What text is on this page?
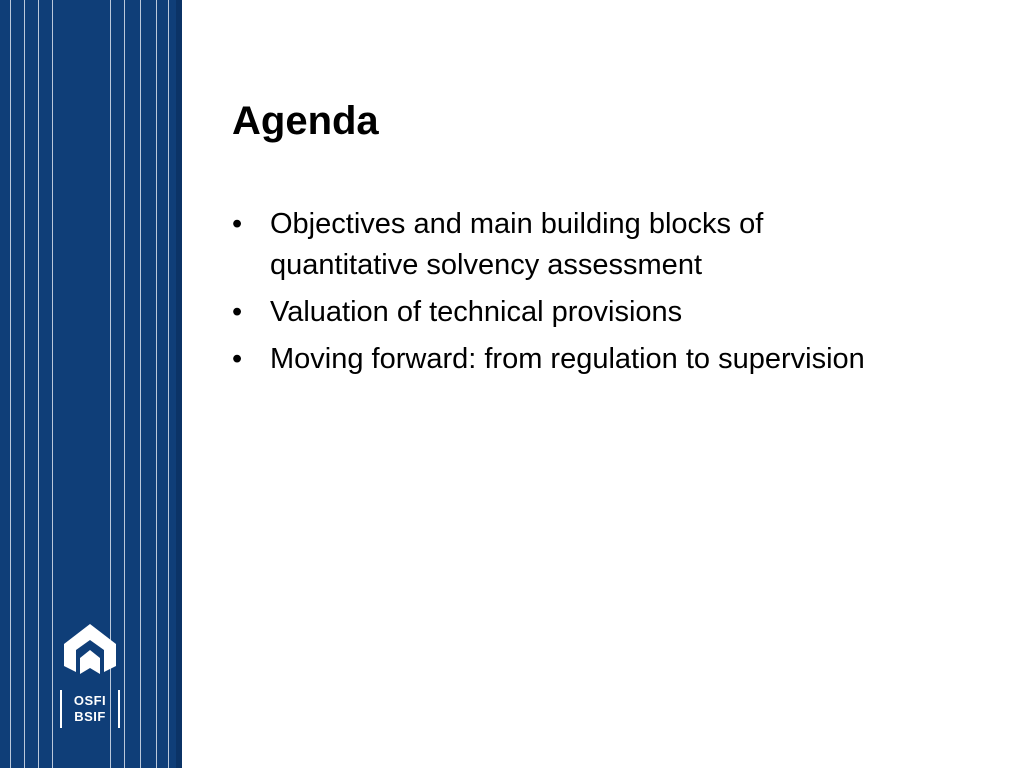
OSFI
BSIF
Agenda
• Objectives and main building blocks of quantitative solvency assessment
• Valuation of technical provisions
• Moving forward: from regulation to supervision
